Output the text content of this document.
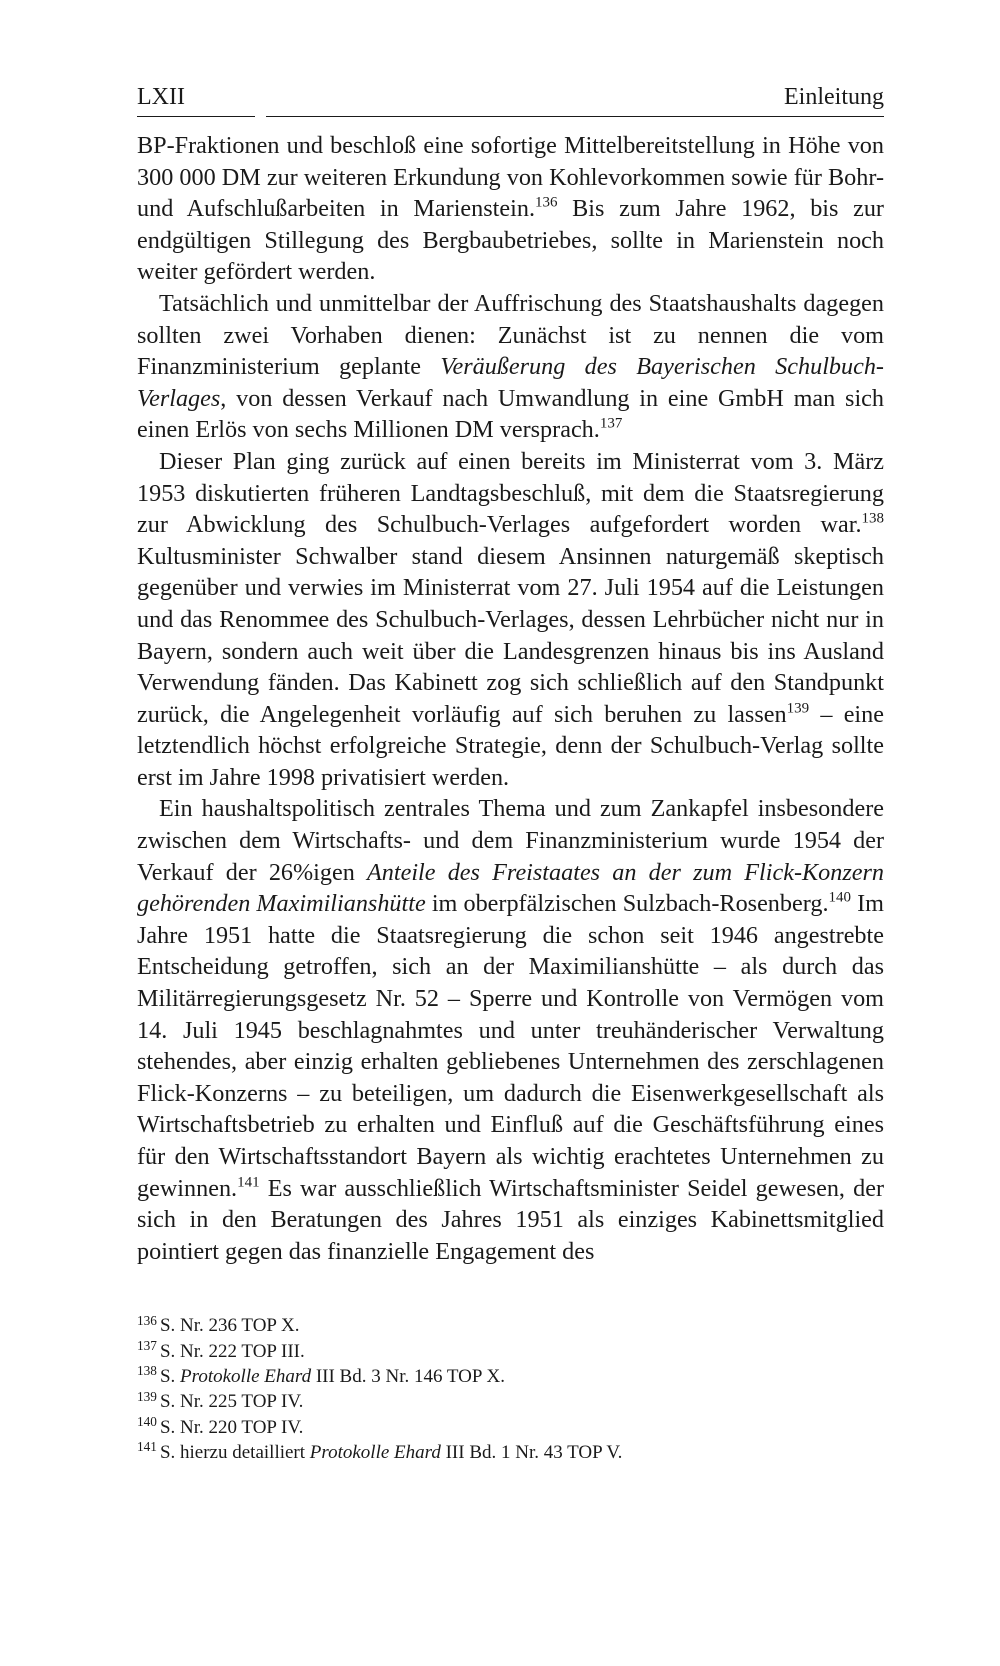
LXII	Einleitung

BP-Fraktionen und beschloß eine sofortige Mittelbereitstellung in Höhe von 300 000 DM zur weiteren Erkundung von Kohlevorkommen sowie für Bohr- und Aufschlußarbeiten in Marienstein.$^{136}$ Bis zum Jahre 1962, bis zur endgültigen Stillegung des Bergbaubetriebes, sollte in Marienstein noch weiter gefördert werden.

Tatsächlich und unmittelbar der Auffrischung des Staatshaushalts dagegen sollten zwei Vorhaben dienen: Zunächst ist zu nennen die vom Finanzministerium geplante Veräußerung des Bayerischen Schulbuch-Verlages, von dessen Verkauf nach Umwandlung in eine GmbH man sich einen Erlös von sechs Millionen DM versprach.$^{137}$

Dieser Plan ging zurück auf einen bereits im Ministerrat vom 3. März 1953 diskutierten früheren Landtagsbeschluß, mit dem die Staatsregierung zur Abwicklung des Schulbuch-Verlages aufgefordert worden war.$^{138}$ Kultusminister Schwalber stand diesem Ansinnen naturgemäß skeptisch gegenüber und verwies im Ministerrat vom 27. Juli 1954 auf die Leistungen und das Renommee des Schulbuch-Verlages, dessen Lehrbücher nicht nur in Bayern, sondern auch weit über die Landesgrenzen hinaus bis ins Ausland Verwendung fänden. Das Kabinett zog sich schließlich auf den Standpunkt zurück, die Angelegenheit vorläufig auf sich beruhen zu lassen$^{139}$ – eine letztendlich höchst erfolgreiche Strategie, denn der Schulbuch-Verlag sollte erst im Jahre 1998 privatisiert werden.

Ein haushaltspolitisch zentrales Thema und zum Zankapfel insbesondere zwischen dem Wirtschafts- und dem Finanzministerium wurde 1954 der Verkauf der 26%igen Anteile des Freistaates an der zum Flick-Konzern gehörenden Maximilianshütte im oberpfälzischen Sulzbach-Rosenberg.$^{140}$ Im Jahre 1951 hatte die Staatsregierung die schon seit 1946 angestrebte Entscheidung getroffen, sich an der Maximilianshütte – als durch das Militärregierungsgesetz Nr. 52 – Sperre und Kontrolle von Vermögen vom 14. Juli 1945 beschlagnahmtes und unter treuhänderischer Verwaltung stehendes, aber einzig erhalten gebliebenes Unternehmen des zerschlagenen Flick-Konzerns – zu beteiligen, um dadurch die Eisenwerkgesellschaft als Wirtschaftsbetrieb zu erhalten und Einfluß auf die Geschäftsführung eines für den Wirtschaftsstandort Bayern als wichtig erachtetes Unternehmen zu gewinnen.$^{141}$ Es war ausschließlich Wirtschaftsminister Seidel gewesen, der sich in den Beratungen des Jahres 1951 als einziges Kabinettsmitglied pointiert gegen das finanzielle Engagement des

$^{136}$ S. Nr. 236 TOP X.

$^{137}$ S. Nr. 222 TOP III.

$^{138}$ S. Protokolle Ehard III Bd. 3 Nr. 146 TOP X.

$^{139}$ S. Nr. 225 TOP IV.

$^{140}$ S. Nr. 220 TOP IV.

$^{141}$ S. hierzu detailliert Protokolle Ehard III Bd. 1 Nr. 43 TOP V.
